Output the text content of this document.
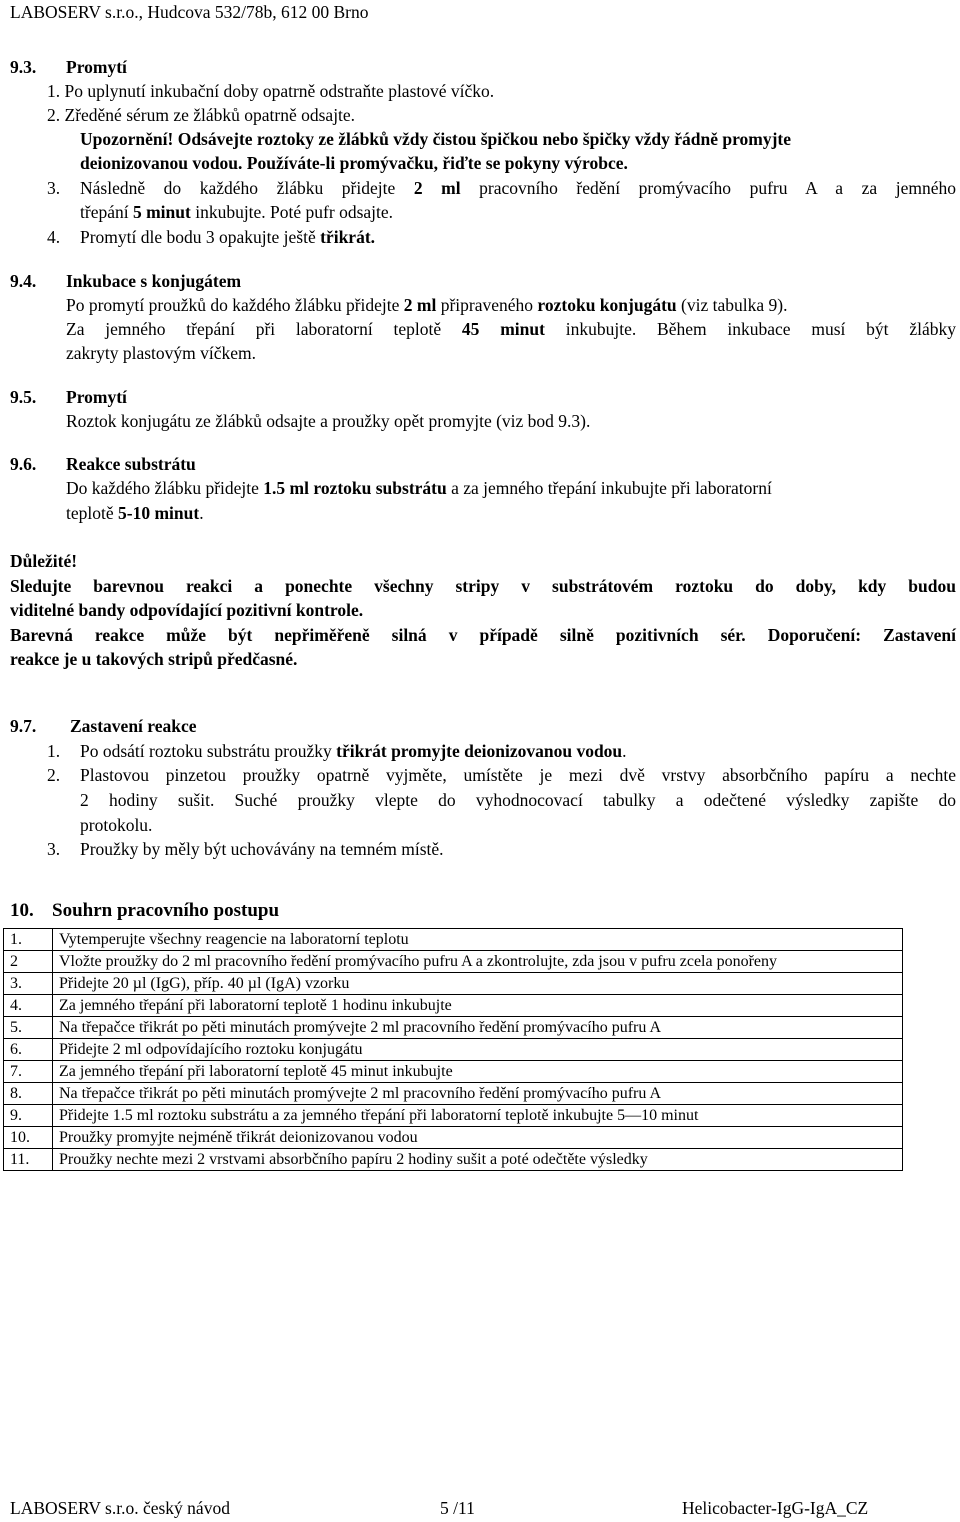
LABOSERV s.r.o., Hudcova 532/78b, 612 00 Brno
9.3. Promytí
1. Po uplynutí inkubační doby opatrně odstraňte plastové víčko.
2. Zředěné sérum ze žlábků opatrně odsajte.
Upozornění! Odsávejte roztoky ze žlábků vždy čistou špičkou nebo špičky vždy řádně promyjte
deionizovanou vodou. Používáte-li promývačku, řiďte se pokyny výrobce.
3. Následně do každého žlábku přidejte 2 ml pracovního ředění promývacího pufru A a za jemného
třepání 5 minut inkubujte. Poté pufr odsajte.
4. Promytí dle bodu 3 opakujte ještě třikrát.
9.4. Inkubace s konjugátem
Po promytí proužků do každého žlábku přidejte 2 ml připraveného roztoku konjugátu (viz tabulka 9).
Za jemného třepání při laboratorní teplotě 45 minut inkubujte. Během inkubace musí být žlábky
zakryty plastovým víčkem.
9.5. Promytí
Roztok konjugátu ze žlábků odsajte a proužky opět promyjte (viz bod 9.3).
9.6. Reakce substrátu
Do každého žlábku přidejte 1.5 ml roztoku substrátu a za jemného třepání inkubujte při laboratorní
teplotě 5-10 minut.
Důležité!
Sledujte barevnou reakci a ponechte všechny stripy v substrátovém roztoku do doby, kdy budou
viditelné bandy odpovídající pozitivní kontrole.
Barevná reakce může být nepřiměřeně silná v případě silně pozitivních sér. Doporučení: Zastavení
reakce je u takových stripů předčasné.
9.7. Zastavení reakce
1. Po odsátí roztoku substrátu proužky třikrát promyjte deionizovanou vodou.
2. Plastovou pinzetou proužky opatrně vyjměte, umístěte je mezi dvě vrstvy absorbčního papíru a nechte
2 hodiny sušit. Suché proužky vlepte do vyhodnocovací tabulky a odečtené výsledky zapište do
protokolu.
3. Proužky by měly být uchovávány na temném místě.
10. Souhrn pracovního postupu
1.	Vytemperujte všechny reagencie na laboratorní teplotu
2	Vložte proužky do 2 ml pracovního ředění promývacího pufru A a zkontrolujte, zda jsou v pufru zcela ponořeny
3.	Přidejte 20 µl (IgG), příp. 40 µl (IgA) vzorku
4.	Za jemného třepání při laboratorní teplotě 1 hodinu inkubujte
5.	Na třepačce třikrát po pěti minutách promývejte 2 ml pracovního ředění promývacího pufru A
6.	Přidejte 2 ml odpovídajícího roztoku konjugátu
7.	Za jemného třepání při laboratorní teplotě 45 minut inkubujte
8.	Na třepačce třikrát po pěti minutách promývejte 2 ml pracovního ředění promývacího pufru A
9.	Přidejte 1.5 ml roztoku substrátu a za jemného třepání při laboratorní teplotě inkubujte 5—10 minut
10.	Proužky promyjte nejméně třikrát deionizovanou vodou
11.	Proužky nechte mezi 2 vrstvami absorbčního papíru 2 hodiny sušit a poté odečtěte výsledky
LABOSERV s.r.o. český návod	5 /11	Helicobacter-IgG-IgA_CZ
